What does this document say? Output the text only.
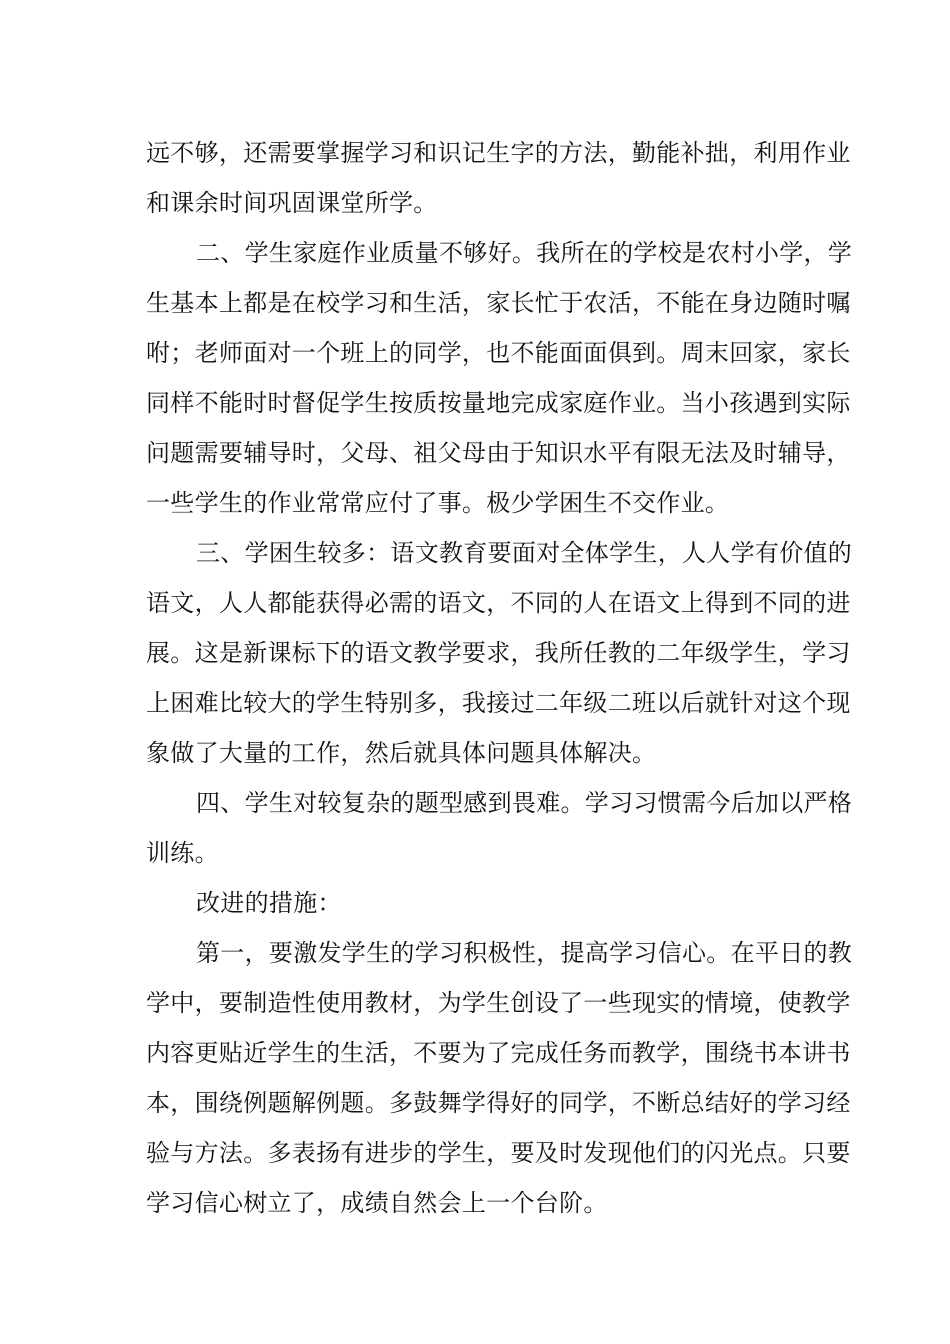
远不够，还需要掌握学习和识记生字的方法，勤能补拙，利用作业
和课余时间巩固课堂所学。
二、学生家庭作业质量不够好。我所在的学校是农村小学，学
生基本上都是在校学习和生活，家长忙于农活，不能在身边随时嘱
咐；老师面对一个班上的同学，也不能面面俱到。周末回家，家长
同样不能时时督促学生按质按量地完成家庭作业。当小孩遇到实际
问题需要辅导时，父母、祖父母由于知识水平有限无法及时辅导，
一些学生的作业常常应付了事。极少学困生不交作业。
三、学困生较多：语文教育要面对全体学生，人人学有价值的
语文，人人都能获得必需的语文，不同的人在语文上得到不同的进
展。这是新课标下的语文教学要求，我所任教的二年级学生，学习
上困难比较大的学生特别多，我接过二年级二班以后就针对这个现
象做了大量的工作，然后就具体问题具体解决。
四、学生对较复杂的题型感到畏难。学习习惯需今后加以严格
训练。
改进的措施：
第一，要激发学生的学习积极性，提高学习信心。在平日的教
学中，要制造性使用教材，为学生创设了一些现实的情境，使教学
内容更贴近学生的生活，不要为了完成任务而教学，围绕书本讲书
本，围绕例题解例题。多鼓舞学得好的同学，不断总结好的学习经
验与方法。多表扬有进步的学生，要及时发现他们的闪光点。只要
学习信心树立了，成绩自然会上一个台阶。
